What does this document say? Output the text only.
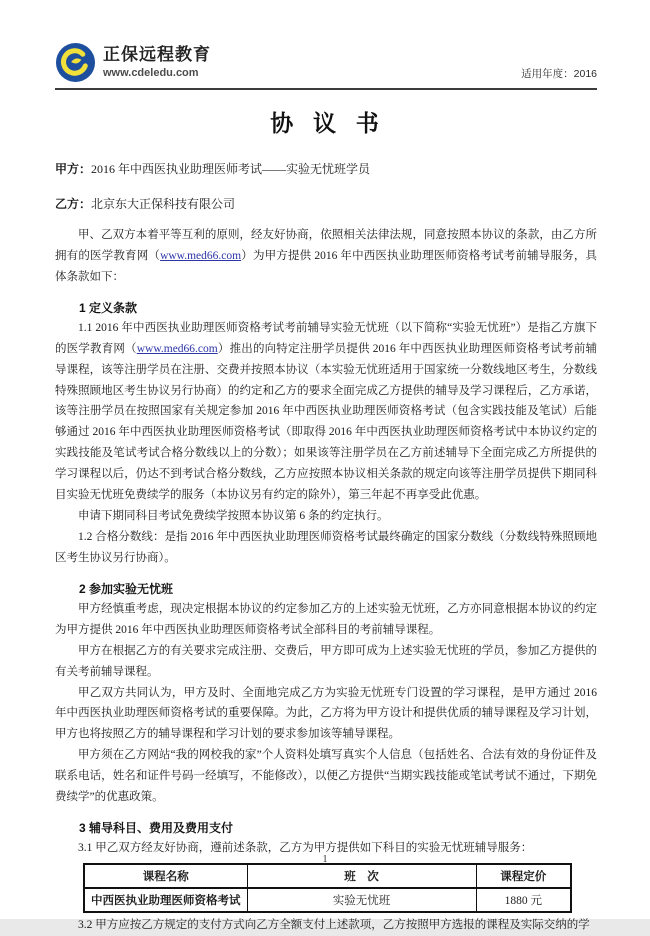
正保远程教育
www.cdeledu.com	适用年度：2016
协 议 书
甲方：2016 年中西医执业助理医师考试——实验无忧班学员
乙方：北京东大正保科技有限公司

甲、乙双方本着平等互利的原则，经友好协商，依照相关法律法规，同意按照本协议的条款，由乙方所拥有的医学教育网（www.med66.com）为甲方提供 2016 年中西医执业助理医师资格考试考前辅导服务，具体条款如下：

1 定义条款

1.1 2016 年中西医执业助理医师资格考试考前辅导实验无忧班（以下简称“实验无忧班”）是指乙方旗下的医学教育网（www.med66.com）推出的向特定注册学员提供 2016 年中西医执业助理医师资格考试考前辅导课程，该等注册学员在注册、交费并按照本协议（本实验无忧班适用于国家统一分数线地区考生，分数线特殊照顾地区考生协议另行协商）的约定和乙方的要求全面完成乙方提供的辅导及学习课程后，乙方承诺，该等注册学员在按照国家有关规定参加 2016 年中西医执业助理医师资格考试（包含实践技能及笔试）后能够通过 2016 年中西医执业助理医师资格考试（即取得 2016 年中西医执业助理医师资格考试中本协议约定的实践技能及笔试考试合格分数线以上的分数）；如果该等注册学员在乙方前述辅导下全面完成乙方所提供的学习课程以后，仍达不到考试合格分数线，乙方应按照本协议相关条款的规定向该等注册学员提供下期同科目实验无忧班免费续学的服务（本协议另有约定的除外），第三年起不再享受此优惠。

申请下期同科目考试免费续学按照本协议第 6 条的约定执行。

1.2 合格分数线：是指 2016 年中西医执业助理医师资格考试最终确定的国家分数线（分数线特殊照顾地区考生协议另行协商）。

2 参加实验无忧班

甲方经慎重考虑，现决定根据本协议的约定参加乙方的上述实验无忧班，乙方亦同意根据本协议的约定为甲方提供 2016 年中西医执业助理医师资格考试全部科目的考前辅导课程。

甲方在根据乙方的有关要求完成注册、交费后，甲方即可成为上述实验无忧班的学员，参加乙方提供的有关考前辅导课程。

甲乙双方共同认为，甲方及时、全面地完成乙方为实验无忧班专门设置的学习课程，是甲方通过 2016 年中西医执业助理医师资格考试的重要保障。为此，乙方将为甲方设计和提供优质的辅导课程及学习计划，甲方也将按照乙方的辅导课程和学习计划的要求参加该等辅导课程。

甲方须在乙方网站“我的网校我的家”个人资料处填写真实个人信息（包括姓名、合法有效的身份证件及联系电话，姓名和证件号码一经填写，不能修改），以便乙方提供“当期实践技能或笔试考试不通过，下期免费续学”的优惠政策。

3 辅导科目、费用及费用支付

3.1 甲乙双方经友好协商，遵前述条款，乙方为甲方提供如下科目的实验无忧班辅导服务：

课程名称	班　次	课程定价
中西医执业助理医师资格考试	实验无忧班	1880 元

3.2 甲方应按乙方规定的支付方式向乙方全额支付上述款项，乙方按照甲方选报的课程及实际交纳的学

1
